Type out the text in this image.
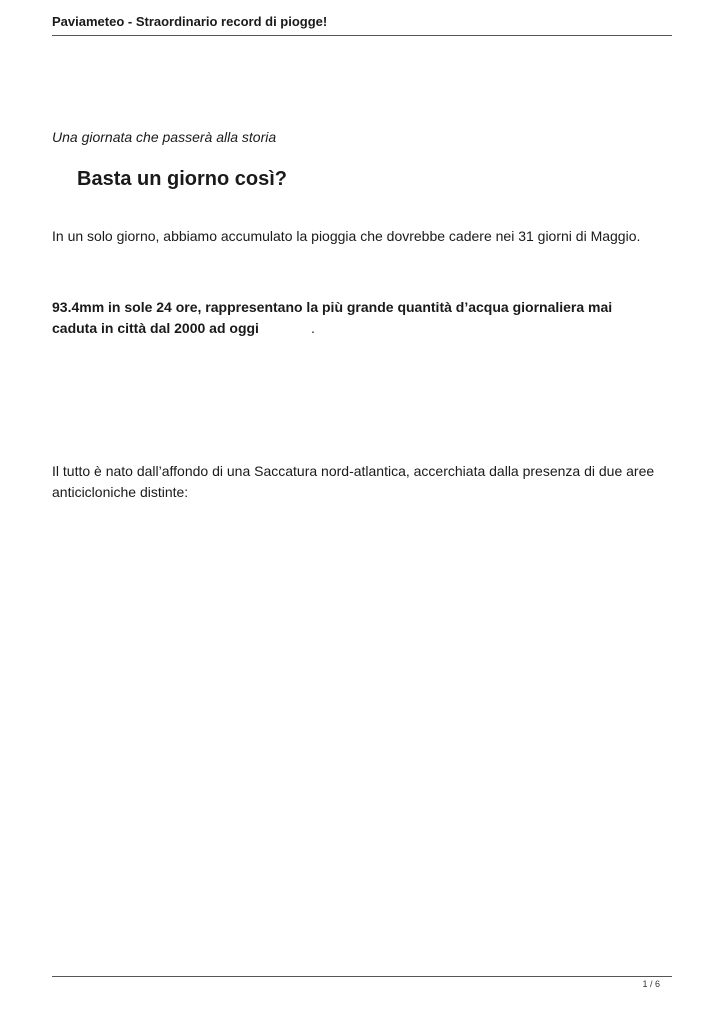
Paviameteo - Straordinario record di piogge!
Una giornata che passerà alla storia
Basta un giorno così?
In un solo giorno, abbiamo accumulato la pioggia che dovrebbe cadere nei 31 giorni di Maggio.
93.4mm in sole 24 ore, rappresentano la più grande quantità d’acqua giornaliera mai
caduta in città dal 2000 ad oggi	.
Il tutto è nato dall’affondo di una Saccatura nord-atlantica, accerchiata dalla presenza di due aree anticicloniche distinte:
1 / 6
